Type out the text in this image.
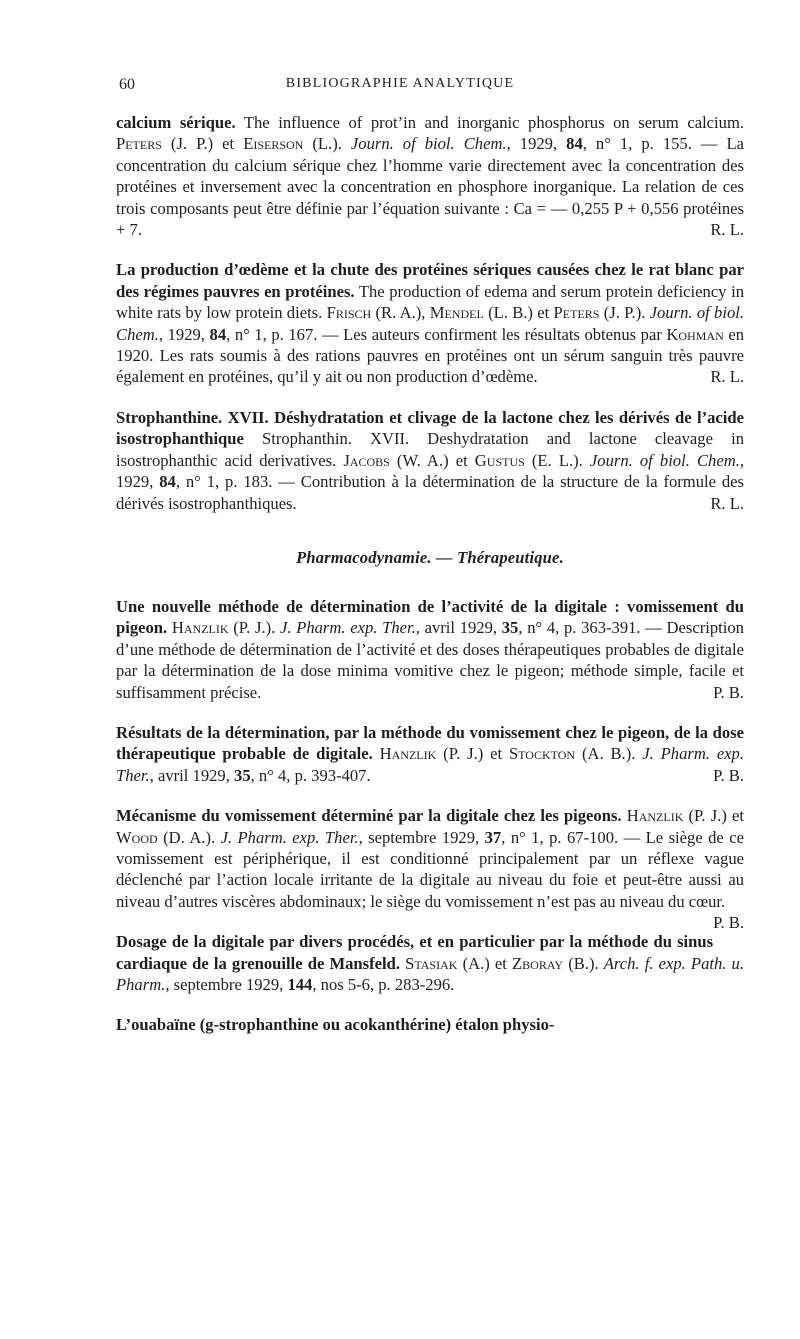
60	BIBLIOGRAPHIE ANALYTIQUE

calcium sérique. The influence of prot’in and inorganic phosphorus on serum calcium. Peters (J. P.) et Eiserson (L.). Journ. of biol. Chem., 1929, 84, n° 1, p. 155. — La concentration du calcium sérique chez l’homme varie directement avec la concentration des protéines et inversement avec la concentration en phosphore inorganique. La relation de ces trois composants peut être définie par l’équation suivante : Ca = — 0,255 P + 0,556 protéines + 7.	R. L.

La production d’œdème et la chute des protéines sériques causées chez le rat blanc par des régimes pauvres en protéines. The production of edema and serum protein deficiency in white rats by low protein diets. Frisch (R. A.), Mendel (L. B.) et Peters (J. P.). Journ. of biol. Chem., 1929, 84, n° 1, p. 167. — Les auteurs confirment les résultats obtenus par Kohman en 1920. Les rats soumis à des rations pauvres en protéines ont un sérum sanguin très pauvre également en protéines, qu’il y ait ou non production d’œdème.	R. L.

Strophanthine. XVII. Déshydratation et clivage de la lactone chez les dérivés de l’acide isostrophanthique Strophanthin. XVII. Deshydratation and lactone cleavage in isostrophanthic acid derivatives. Jacobs (W. A.) et Gustus (E. L.). Journ. of biol. Chem., 1929, 84, n° 1, p. 183. — Contribution à la détermination de la structure de la formule des dérivés isostrophanthiques.	R. L.

Pharmacodynamie. — Thérapeutique.

Une nouvelle méthode de détermination de l’activité de la digitale : vomissement du pigeon. Hanzlik (P. J.). J. Pharm. exp. Ther., avril 1929, 35, n° 4, p. 363-391. — Description d’une méthode de détermination de l’activité et des doses thérapeutiques probables de digitale par la détermination de la dose minima vomitive chez le pigeon; méthode simple, facile et suffisamment précise.	P. B.

Résultats de la détermination, par la méthode du vomissement chez le pigeon, de la dose thérapeutique probable de digitale. Hanzlik (P. J.) et Stockton (A. B.). J. Pharm. exp. Ther., avril 1929, 35, n° 4, p. 393-407.	P. B.

Mécanisme du vomissement déterminé par la digitale chez les pigeons. Hanzlik (P. J.) et Wood (D. A.). J. Pharm. exp. Ther., septembre 1929, 37, n° 1, p. 67-100. — Le siège de ce vomissement est périphérique, il est conditionné principalement par un réflexe vague déclenché par l’action locale irritante de la digitale au niveau du foie et peut-être aussi au niveau d’autres viscères abdominaux; le siège du vomissement n’est pas au niveau du cœur.
P. B.

Dosage de la digitale par divers procédés, et en particulier par la méthode du sinus cardiaque de la grenouille de Mansfeld. Stasiak (A.) et Zboray (B.). Arch. f. exp. Path. u. Pharm., septembre 1929, 144, nos 5-6, p. 283-296.

L’ouabaïne (g-strophanthine ou acokanthérine) étalon physio-
